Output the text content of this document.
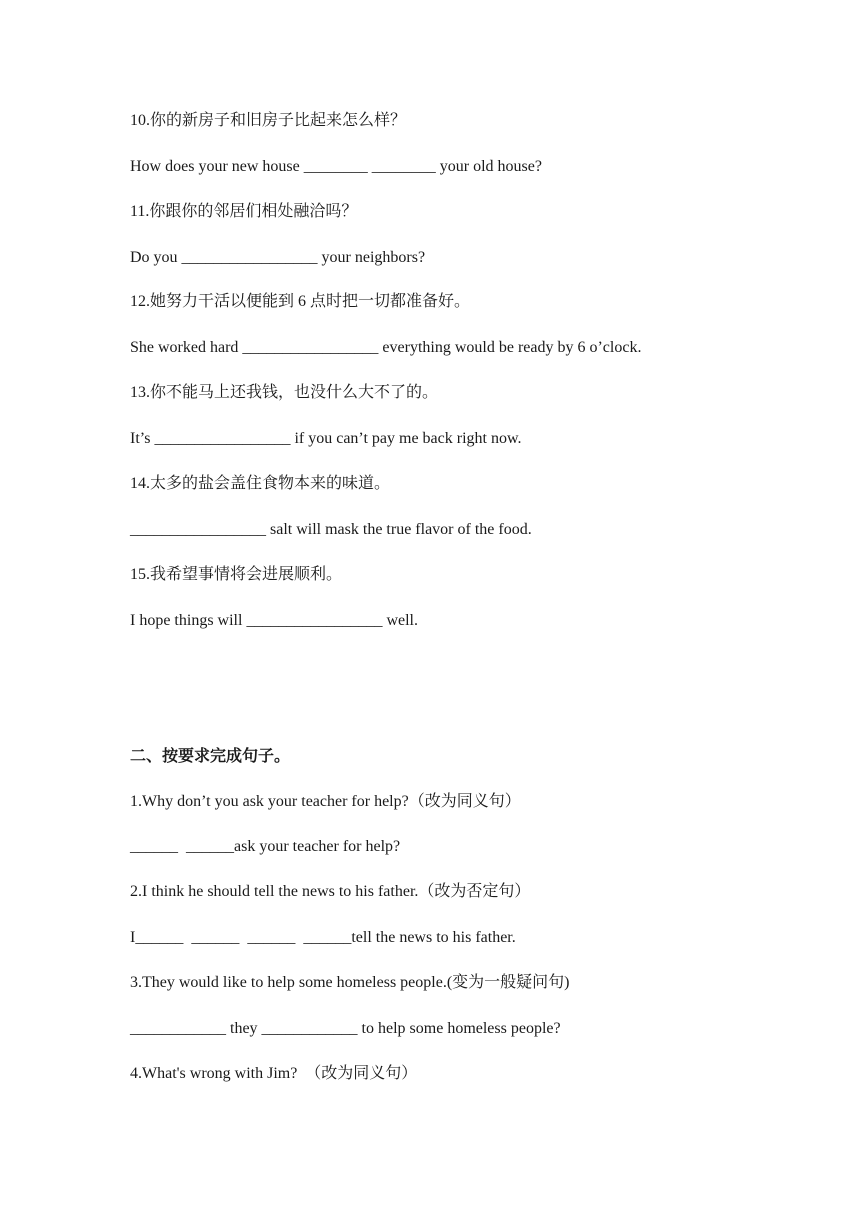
10.你的新房子和旧房子比起来怎么样？
How does your new house ________ ________ your old house?
11.你跟你的邻居们相处融洽吗？
Do you _________________ your neighbors?
12.她努力干活以便能到 6 点时把一切都准备好。
She worked hard _________________ everything would be ready by 6 o’clock.
13.你不能马上还我钱，也没什么大不了的。
It’s _________________ if you can’t pay me back right now.
14.太多的盐会盖住食物本来的味道。
_________________ salt will mask the true flavor of the food.
15.我希望事情将会进展顺利。
I hope things will _________________ well.
二、按要求完成句子。
1.Why don’t you ask your teacher for help?（改为同义句）
______  ______ask your teacher for help?
2.I think he should tell the news to his father.（改为否定句）
I______  ______  ______  ______tell the news to his father.
3.They would like to help some homeless people.(变为一般疑问句)
____________ they ____________ to help some homeless people?
4.What's wrong with Jim?  （改为同义句）
